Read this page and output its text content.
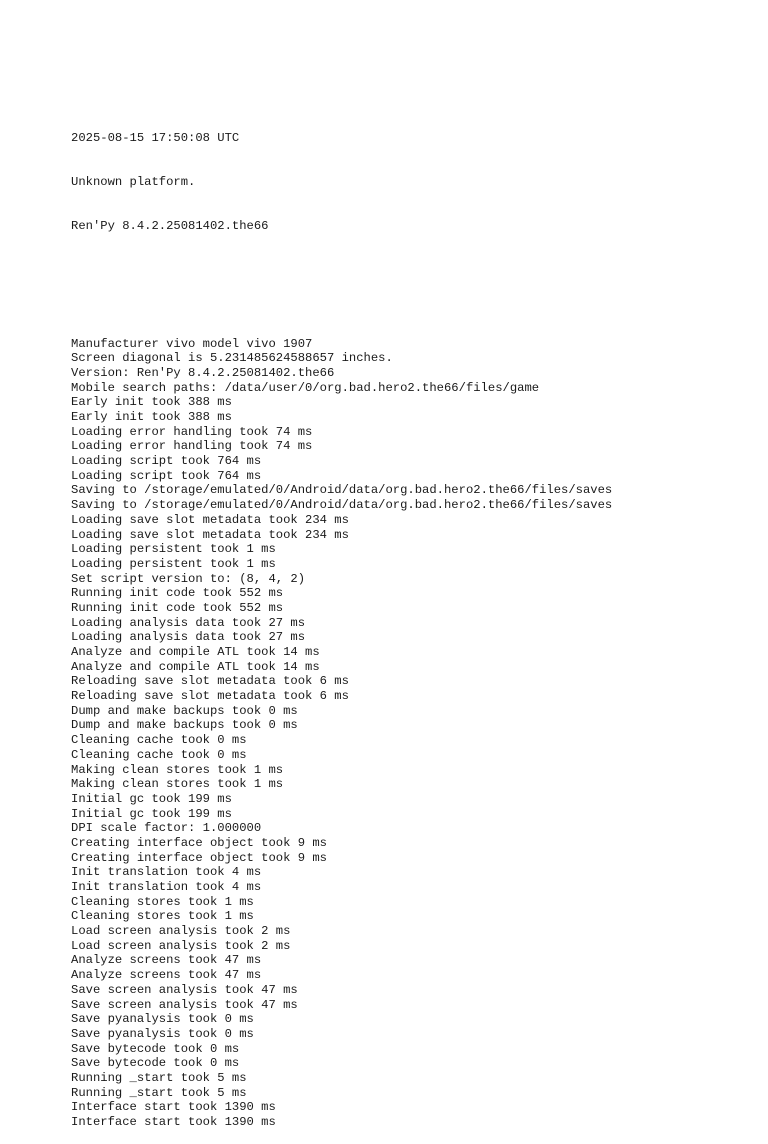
2025-08-15 17:50:08 UTC

Unknown platform.

Ren'Py 8.4.2.25081402.the66

Manufacturer vivo model vivo 1907
Screen diagonal is 5.231485624588657 inches.
Version: Ren'Py 8.4.2.25081402.the66
Mobile search paths: /data/user/0/org.bad.hero2.the66/files/game
Early init took 388 ms
Early init took 388 ms
Loading error handling took 74 ms
Loading error handling took 74 ms
Loading script took 764 ms
Loading script took 764 ms
Saving to /storage/emulated/0/Android/data/org.bad.hero2.the66/files/saves
Saving to /storage/emulated/0/Android/data/org.bad.hero2.the66/files/saves
Loading save slot metadata took 234 ms
Loading save slot metadata took 234 ms
Loading persistent took 1 ms
Loading persistent took 1 ms
Set script version to: (8, 4, 2)
Running init code took 552 ms
Running init code took 552 ms
Loading analysis data took 27 ms
Loading analysis data took 27 ms
Analyze and compile ATL took 14 ms
Analyze and compile ATL took 14 ms
Reloading save slot metadata took 6 ms
Reloading save slot metadata took 6 ms
Dump and make backups took 0 ms
Dump and make backups took 0 ms
Cleaning cache took 0 ms
Cleaning cache took 0 ms
Making clean stores took 1 ms
Making clean stores took 1 ms
Initial gc took 199 ms
Initial gc took 199 ms
DPI scale factor: 1.000000
Creating interface object took 9 ms
Creating interface object took 9 ms
Init translation took 4 ms
Init translation took 4 ms
Cleaning stores took 1 ms
Cleaning stores took 1 ms
Load screen analysis took 2 ms
Load screen analysis took 2 ms
Analyze screens took 47 ms
Analyze screens took 47 ms
Save screen analysis took 47 ms
Save screen analysis took 47 ms
Save pyanalysis took 0 ms
Save pyanalysis took 0 ms
Save bytecode took 0 ms
Save bytecode took 0 ms
Running _start took 5 ms
Running _start took 5 ms
Interface start took 1390 ms
Interface start took 1390 ms
